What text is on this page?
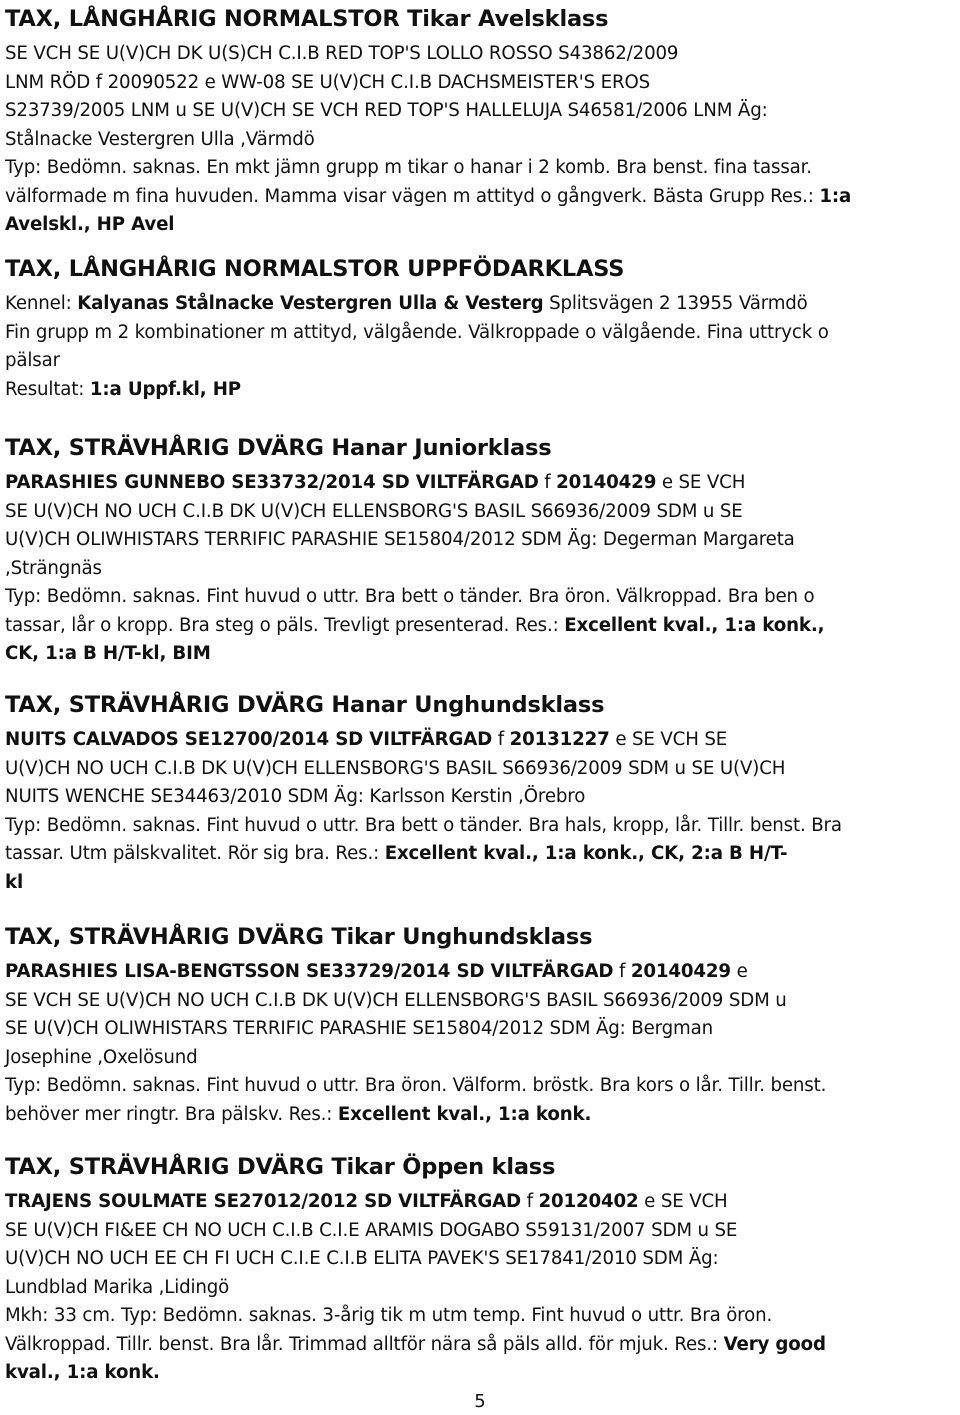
TAX, LÅNGHÅRIG NORMALSTOR Tikar Avelsklass
SE VCH SE U(V)CH DK U(S)CH C.I.B RED TOP'S LOLLO ROSSO S43862/2009
LNM RÖD f 20090522 e WW-08 SE U(V)CH C.I.B DACHSMEISTER'S EROS
S23739/2005 LNM u SE U(V)CH SE VCH RED TOP'S HALLELUJA S46581/2006 LNM Äg:
Stålnacke Vestergren Ulla ,Värmdö
Typ: Bedömn. saknas. En mkt jämn grupp m tikar o hanar i 2 komb. Bra benst. fina tassar.
välformade m fina huvuden. Mamma visar vägen m attityd o gångverk. Bästa Grupp Res.: 1:a
Avelskl., HP Avel
TAX, LÅNGHÅRIG NORMALSTOR UPPFÖDARKLASS
Kennel: Kalyanas Stålnacke Vestergren Ulla & Vesterg Splitsvägen 2 13955 Värmdö
Fin grupp m 2 kombinationer m attityd, välgående. Välkroppade o välgående. Fina uttryck o
pälsar
Resultat: 1:a Uppf.kl, HP
TAX, STRÄVHÅRIG DVÄRG Hanar Juniorklass
PARASHIES GUNNEBO SE33732/2014 SD VILTFÄRGAD f 20140429 e SE VCH
SE U(V)CH NO UCH C.I.B DK U(V)CH ELLENSBORG'S BASIL S66936/2009 SDM u SE
U(V)CH OLIWHISTARS TERRIFIC PARASHIE SE15804/2012 SDM Äg: Degerman Margareta
,Strängnäs
Typ: Bedömn. saknas. Fint huvud o uttr. Bra bett o tänder. Bra öron. Välkroppad. Bra ben o
tassar, lår o kropp. Bra steg o päls. Trevligt presenterad. Res.: Excellent kval., 1:a konk.,
CK, 1:a B H/T-kl, BIM
TAX, STRÄVHÅRIG DVÄRG Hanar Unghundsklass
NUITS CALVADOS SE12700/2014 SD VILTFÄRGAD f 20131227 e SE VCH SE
U(V)CH NO UCH C.I.B DK U(V)CH ELLENSBORG'S BASIL S66936/2009 SDM u SE U(V)CH
NUITS WENCHE SE34463/2010 SDM Äg: Karlsson Kerstin ,Örebro
Typ: Bedömn. saknas. Fint huvud o uttr. Bra bett o tänder. Bra hals, kropp, lår. Tillr. benst. Bra
tassar. Utm pälskvalitet. Rör sig bra. Res.: Excellent kval., 1:a konk., CK, 2:a B H/T-
kl
TAX, STRÄVHÅRIG DVÄRG Tikar Unghundsklass
PARASHIES LISA-BENGTSSON SE33729/2014 SD VILTFÄRGAD f 20140429 e
SE VCH SE U(V)CH NO UCH C.I.B DK U(V)CH ELLENSBORG'S BASIL S66936/2009 SDM u
SE U(V)CH OLIWHISTARS TERRIFIC PARASHIE SE15804/2012 SDM Äg: Bergman
Josephine ,Oxelösund
Typ: Bedömn. saknas. Fint huvud o uttr. Bra öron. Välform. bröstk. Bra kors o lår. Tillr. benst.
behöver mer ringtr. Bra pälskv. Res.: Excellent kval., 1:a konk.
TAX, STRÄVHÅRIG DVÄRG Tikar Öppen klass
TRAJENS SOULMATE SE27012/2012 SD VILTFÄRGAD f 20120402 e SE VCH
SE U(V)CH FI&EE CH NO UCH C.I.B C.I.E ARAMIS DOGABO S59131/2007 SDM u SE
U(V)CH NO UCH EE CH FI UCH C.I.E C.I.B ELITA PAVEK'S SE17841/2010 SDM Äg:
Lundblad Marika ,Lidingö
Mkh: 33 cm. Typ: Bedömn. saknas. 3-årig tik m utm temp. Fint huvud o uttr. Bra öron.
Välkroppad. Tillr. benst. Bra lår. Trimmad alltför nära så päls alld. för mjuk. Res.: Very good
kval., 1:a konk.
5
